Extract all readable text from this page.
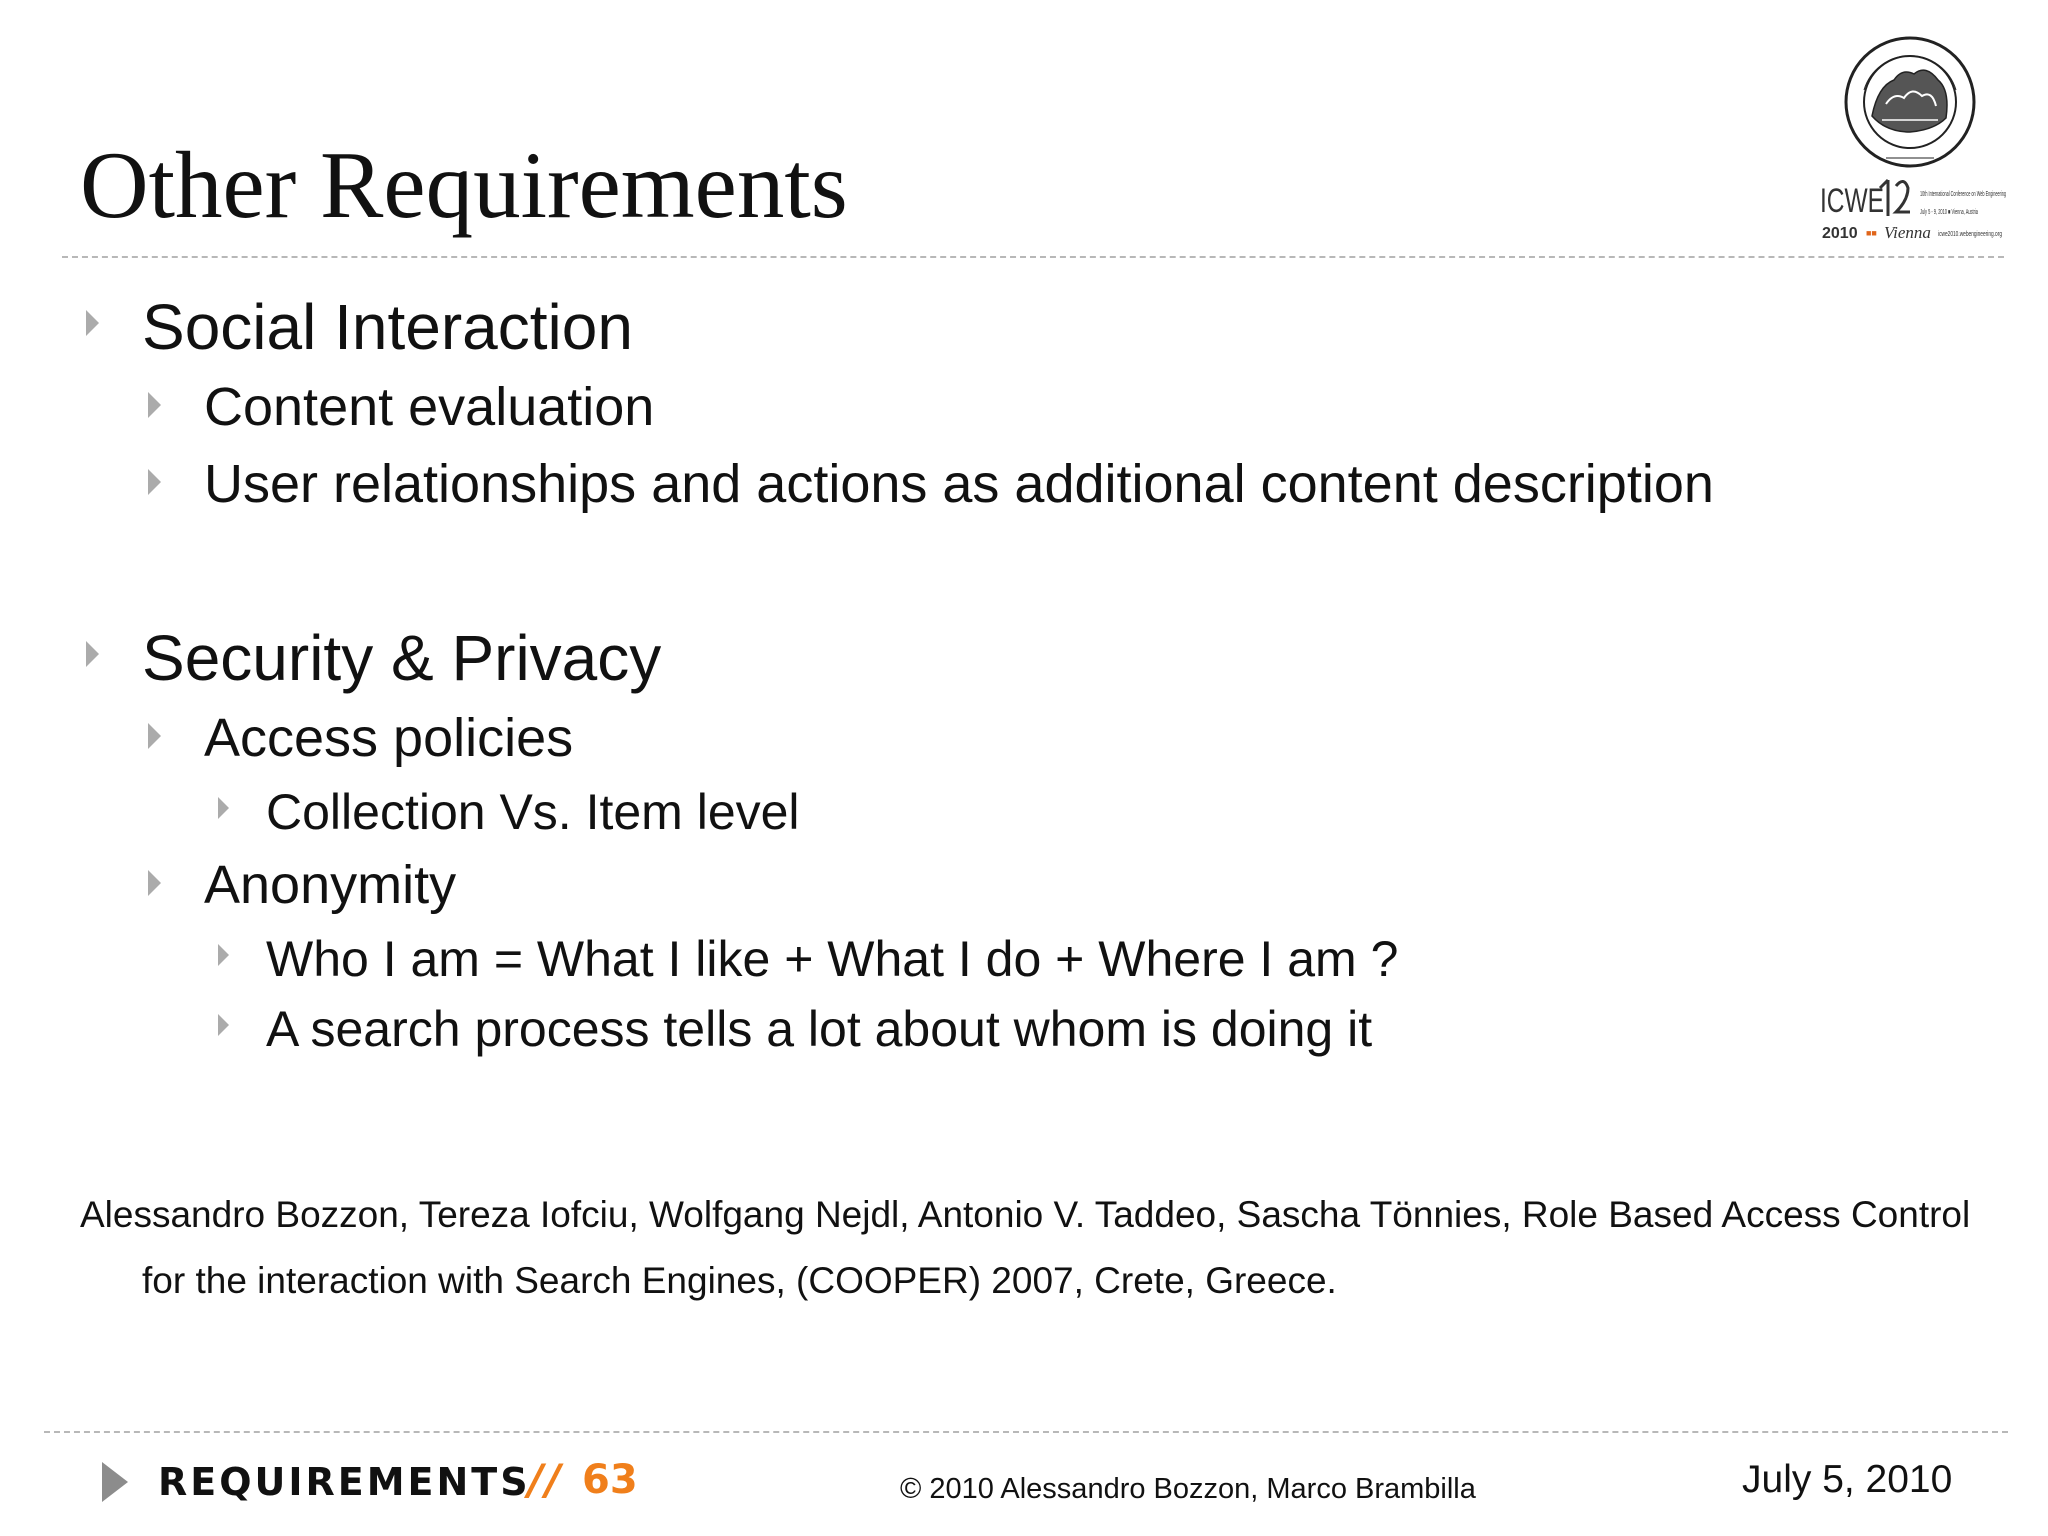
Other Requirements	ICWE
2010 ■■ Vienna
10th International Conference on Web Engineering
July 5 - 9, 2010 ■ Vienna, Austria
icwe2010.webengineering.org
Social Interaction
Content evaluation
User relationships and actions as additional content description
Security & Privacy
Access policies
Collection Vs. Item level
Anonymity
Who I am = What I like + What I do + Where I am ?
A search process tells a lot about whom is doing it
Alessandro Bozzon, Tereza Iofciu, Wolfgang Nejdl, Antonio V. Taddeo, Sascha Tönnies, Role Based Access Control
for the interaction with Search Engines, (COOPER) 2007, Crete, Greece.
REQUIREMENTS
// 63	© 2010 Alessandro Bozzon, Marco Brambilla	July 5, 2010
